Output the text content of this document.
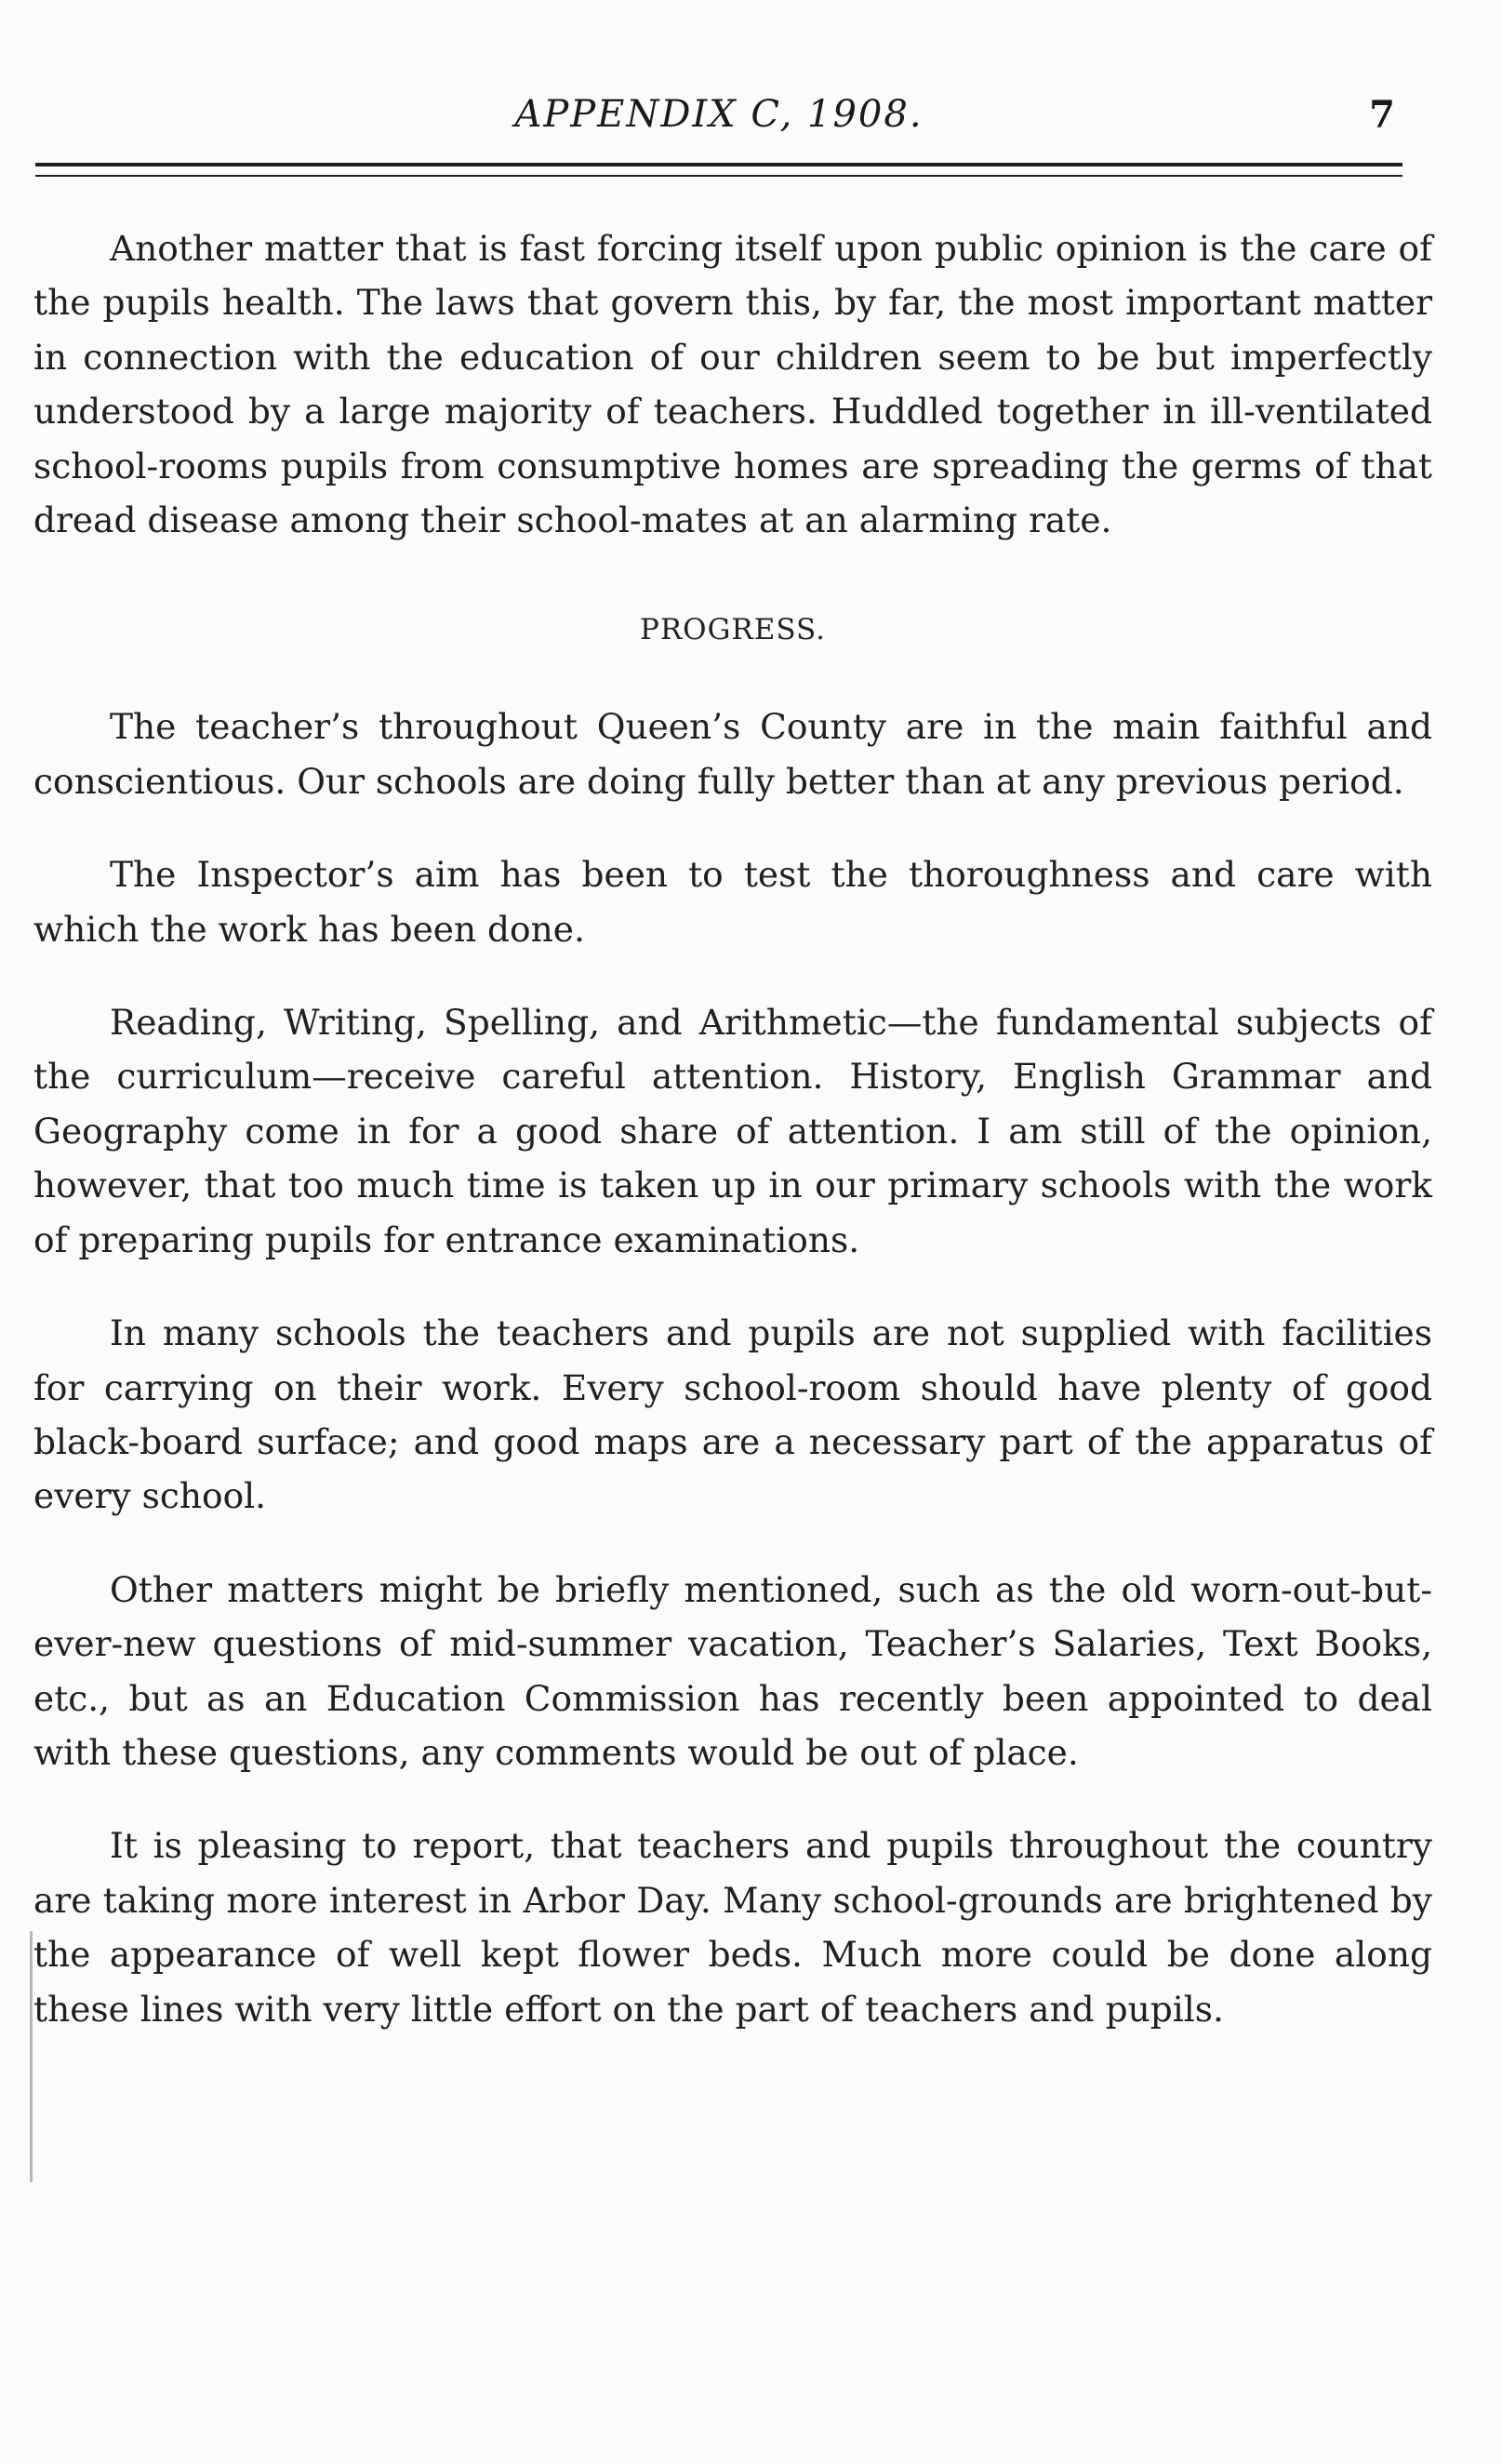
APPENDIX C, 1908.	7

Another matter that is fast forcing itself upon public opinion is the care of the pupils health. The laws that govern this, by far, the most important matter in connection with the education of our children seem to be but imperfectly understood by a large majority of teachers. Huddled together in ill-ventilated school-rooms pupils from consumptive homes are spreading the germs of that dread disease among their school-mates at an alarming rate.

PROGRESS.

The teacher’s throughout Queen’s County are in the main faithful and conscientious. Our schools are doing fully better than at any previous period.

The Inspector’s aim has been to test the thoroughness and care with which the work has been done.

Reading, Writing, Spelling, and Arithmetic—the fundamental subjects of the curriculum—receive careful attention. History, English Grammar and Geography come in for a good share of attention. I am still of the opinion, however, that too much time is taken up in our primary schools with the work of preparing pupils for entrance examinations.

In many schools the teachers and pupils are not supplied with facilities for carrying on their work. Every school-room should have plenty of good black-board surface; and good maps are a necessary part of the apparatus of every school.

Other matters might be briefly mentioned, such as the old worn-out-but-ever-new questions of mid-summer vacation, Teacher’s Salaries, Text Books, etc., but as an Education Commission has recently been appointed to deal with these questions, any comments would be out of place.

It is pleasing to report, that teachers and pupils throughout the country are taking more interest in Arbor Day. Many school-grounds are brightened by the appearance of well kept flower beds. Much more could be done along these lines with very little effort on the part of teachers and pupils.
